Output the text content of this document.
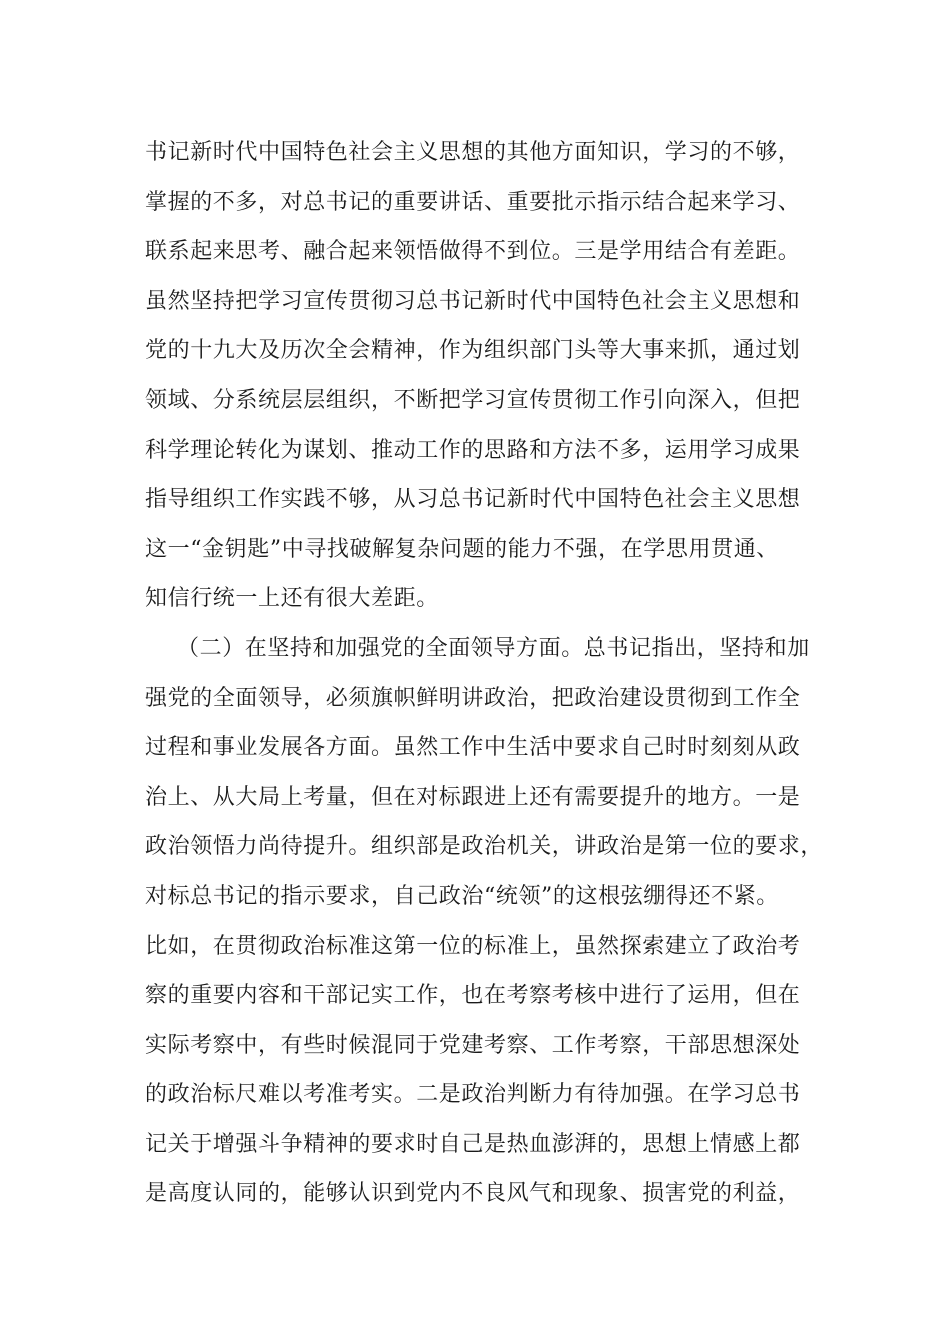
书记新时代中国特色社会主义思想的其他方面知识，学习的不够，
掌握的不多，对总书记的重要讲话、重要批示指示结合起来学习、
联系起来思考、融合起来领悟做得不到位。三是学用结合有差距。
虽然坚持把学习宣传贯彻习总书记新时代中国特色社会主义思想和
党的十九大及历次全会精神，作为组织部门头等大事来抓，通过划
领域、分系统层层组织，不断把学习宣传贯彻工作引向深入，但把
科学理论转化为谋划、推动工作的思路和方法不多，运用学习成果
指导组织工作实践不够，从习总书记新时代中国特色社会主义思想
这一“金钥匙”中寻找破解复杂问题的能力不强，在学思用贯通、
知信行统一上还有很大差距。
（二）在坚持和加强党的全面领导方面。总书记指出，坚持和加
强党的全面领导，必须旗帜鲜明讲政治，把政治建设贯彻到工作全
过程和事业发展各方面。虽然工作中生活中要求自己时时刻刻从政
治上、从大局上考量，但在对标跟进上还有需要提升的地方。一是
政治领悟力尚待提升。组织部是政治机关，讲政治是第一位的要求，
对标总书记的指示要求，自己政治“统领”的这根弦绷得还不紧。
比如，在贯彻政治标准这第一位的标准上，虽然探索建立了政治考
察的重要内容和干部记实工作，也在考察考核中进行了运用，但在
实际考察中，有些时候混同于党建考察、工作考察，干部思想深处
的政治标尺难以考准考实。二是政治判断力有待加强。在学习总书
记关于增强斗争精神的要求时自己是热血澎湃的，思想上情感上都
是高度认同的，能够认识到党内不良风气和现象、损害党的利益，
